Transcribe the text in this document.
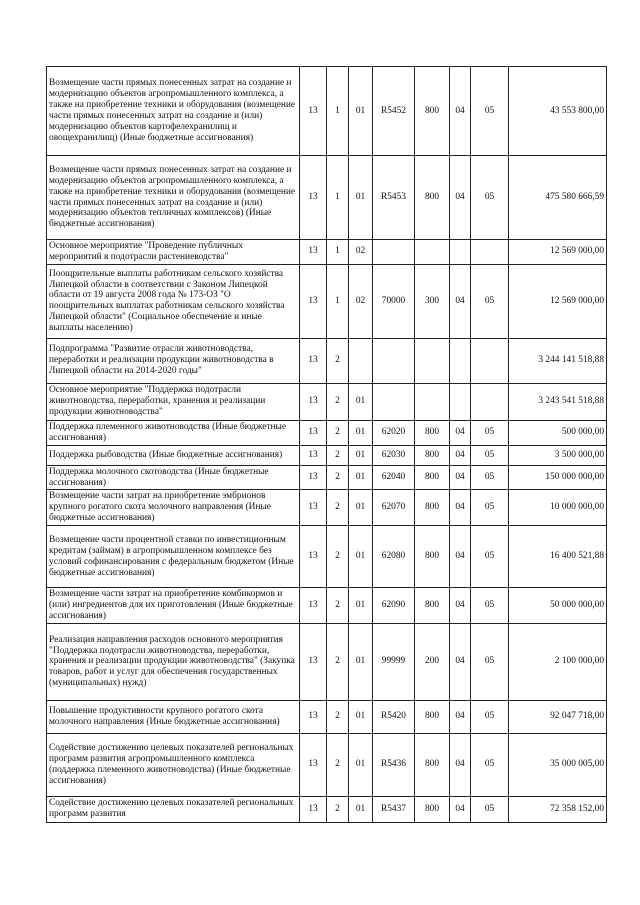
Возмещение части прямых понесенных затрат на создание и модернизацию объектов агропромышленного комплекса, а также на приобретение техники и оборудования (возмещение части прямых понесенных затрат на создание и (или) модернизацию объектов картофелехранилищ и овощехранилищ) (Иные бюджетные ассигнования)	13	1	01	R5452	800	04	05	43 553 800,00
Возмещение части прямых понесенных затрат на создание и модернизацию объектов агропромышленного комплекса, а также на приобретение техники и оборудования (возмещение части прямых понесенных затрат на создание и (или) модернизацию объектов тепличных комплексов) (Иные бюджетные ассигнования)	13	1	01	R5453	800	04	05	475 580 666,59
Основное мероприятие "Проведение публичных мероприятий в подотрасли растениеводства"	13	1	02					12 569 000,00
Поощрительные выплаты работникам сельского хозяйства Липецкой области в соответствии с Законом Липецкой области от 19 августа 2008 года № 173-ОЗ "О поощрительных выплатах работникам сельского хозяйства Липецкой области" (Социальное обеспечение и иные выплаты населению)	13	1	02	70000	300	04	05	12 569 000,00
Подпрограмма "Развитие отрасли животноводства, переработки и реализации продукции животноводства в Липецкой области на 2014-2020 годы"	13	2						3 244 141 518,88
Основное мероприятие "Поддержка подотрасли животноводства, переработки, хранения и реализации продукции животноводства"	13	2	01					3 243 541 518,88
Поддержка племенного животноводства (Иные бюджетные ассигнования)	13	2	01	62020	800	04	05	500 000,00
Поддержка рыбоводства (Иные бюджетные ассигнования)	13	2	01	62030	800	04	05	3 500 000,00
Поддержка молочного скотоводства (Иные бюджетные ассигнования)	13	2	01	62040	800	04	05	150 000 000,00
Возмещение части затрат на приобретение эмбрионов крупного рогатого скота молочного направления (Иные бюджетные ассигнования)	13	2	01	62070	800	04	05	10 000 000,00
Возмещение части процентной ставки по инвестиционным кредитам (займам) в агропромышленном комплексе без условий софинансирования с федеральным бюджетом (Иные бюджетные ассигнования)	13	2	01	62080	800	04	05	16 400 521,88
Возмещение части затрат на приобретение комбикормов и (или) ингредиентов для их приготовления (Иные бюджетные ассигнования)	13	2	01	62090	800	04	05	50 000 000,00
Реализация направления расходов основного мероприятия "Поддержка подотрасли животноводства, переработки, хранения и реализации продукции животноводства" (Закупка товаров, работ и услуг для обеспечения государственных (муниципальных) нужд)	13	2	01	99999	200	04	05	2 100 000,00
Повышение продуктивности крупного рогатого скота молочного направления (Иные бюджетные ассигнования)	13	2	01	R5420	800	04	05	92 047 718,00
Содействие достижению целевых показателей региональных программ развития агропромышленного комплекса (поддержка племенного животноводства) (Иные бюджетные ассигнования)	13	2	01	R5436	800	04	05	35 000 005,00
Содействие достижению целевых показателей региональных программ развития	13	2	01	R5437	800	04	05	72 358 152,00
